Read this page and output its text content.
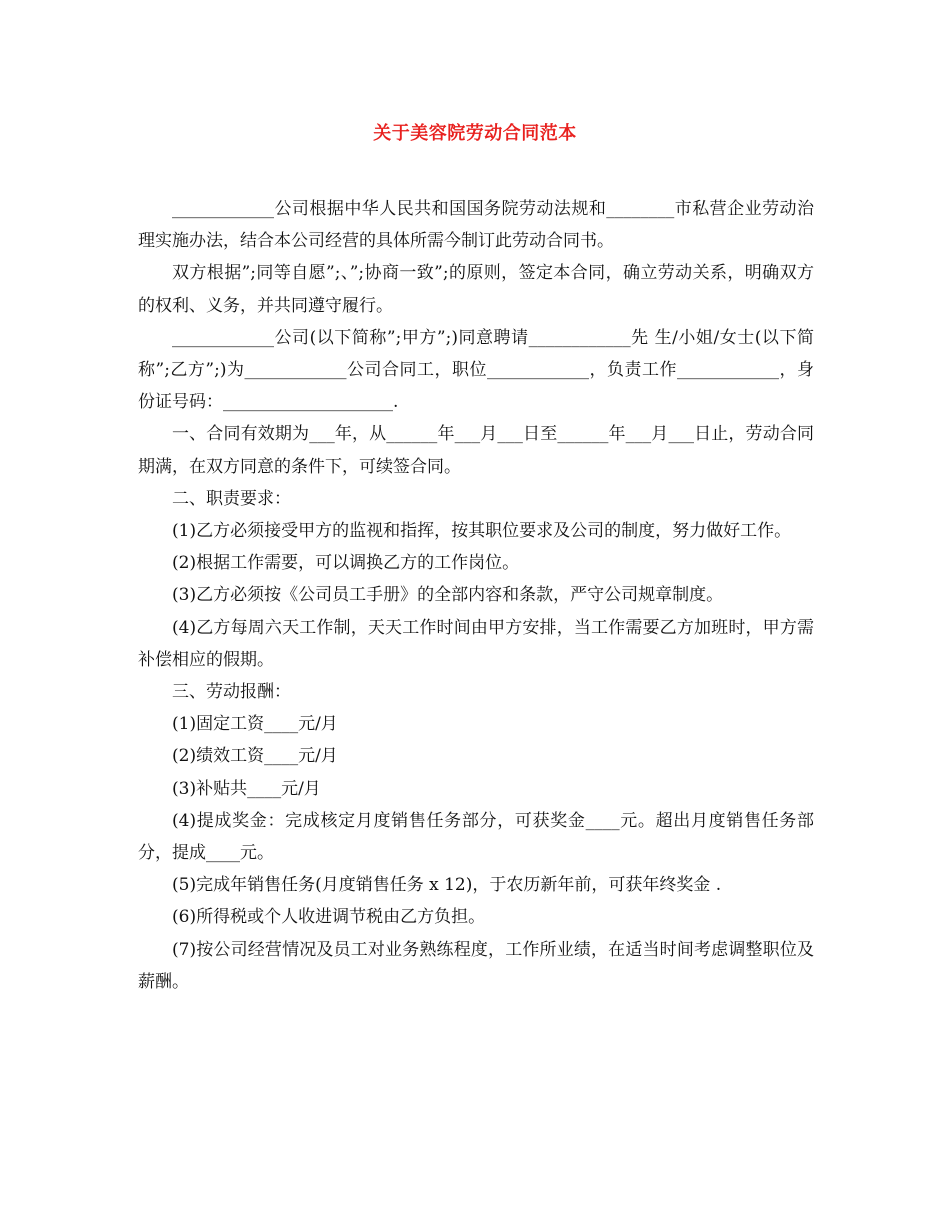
关于美容院劳动合同范本

____________公司根据中华人民共和国国务院劳动法规和________市私营企业劳动治理实施办法，结合本公司经营的具体所需今制订此劳动合同书。

双方根据”;同等自愿”;、”;协商一致”;的原则，签定本合同，确立劳动关系，明确双方的权利、义务，并共同遵守履行。

____________公司(以下简称”;甲方”;)同意聘请____________先 生/小姐/女士(以下简称”;乙方”;)为____________公司合同工，职位____________，负责工作____________，身份证号码：____________________.

一、合同有效期为___年，从______年___月___日至______年___月___日止，劳动合同期满，在双方同意的条件下，可续签合同。

二、职责要求：

(1)乙方必须接受甲方的监视和指挥，按其职位要求及公司的制度，努力做好工作。

(2)根据工作需要，可以调换乙方的工作岗位。

(3)乙方必须按《公司员工手册》的全部内容和条款，严守公司规章制度。

(4)乙方每周六天工作制，天天工作时间由甲方安排，当工作需要乙方加班时，甲方需补偿相应的假期。

三、劳动报酬：

(1)固定工资____元/月

(2)绩效工资____元/月

(3)补贴共____元/月

(4)提成奖金：完成核定月度销售任务部分，可获奖金____元。超出月度销售任务部分，提成____元。

(5)完成年销售任务(月度销售任务 x 12)，于农历新年前，可获年终奖金 .

(6)所得税或个人收进调节税由乙方负担。

(7)按公司经营情况及员工对业务熟练程度，工作所业绩，在适当时间考虑调整职位及薪酬。
